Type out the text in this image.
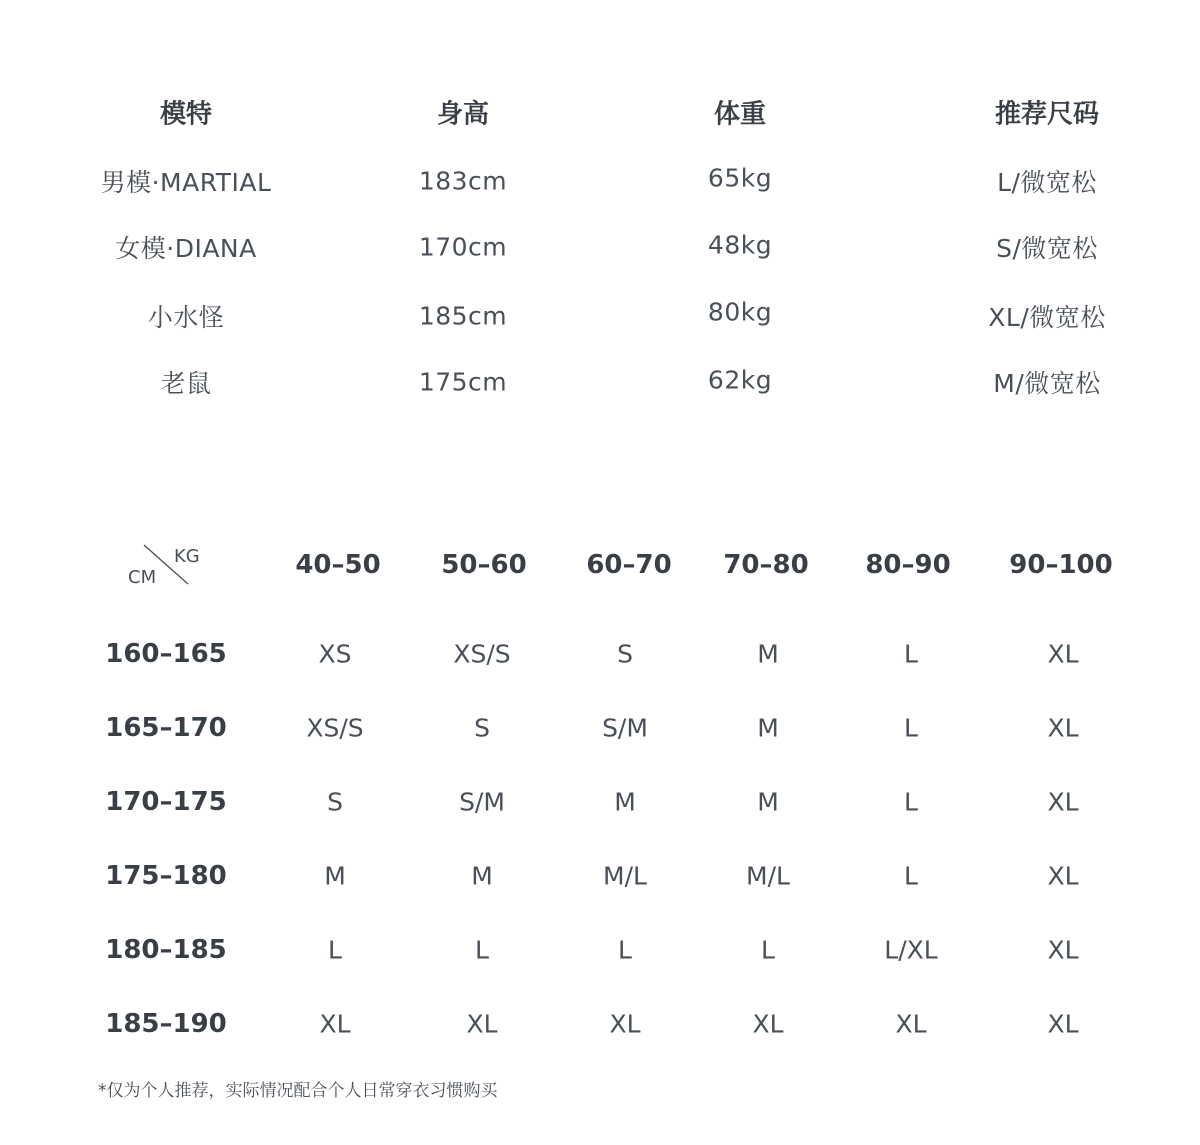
模特	身高	体重	推荐尺码
男模·MARTIAL	183cm	65kg	L/微宽松
女模·DIANA	170cm	48kg	S/微宽松
小水怪	185cm	80kg	XL/微宽松
老鼠	175cm	62kg	M/微宽松
KG
CM	40–50 50–60 60–70 70–80 80–90 90–100
160–165	XS	XS/S	S	M	L	XL
165–170	XS/S	S	S/M	M	L	XL
170–175	S	S/M	M	M	L	XL
175–180	M	M	M/L	M/L	L	XL
180–185	L	L	L	L	L/XL	XL
185–190	XL	XL	XL	XL	XL	XL
*仅为个人推荐，实际情况配合个人日常穿衣习惯购买
